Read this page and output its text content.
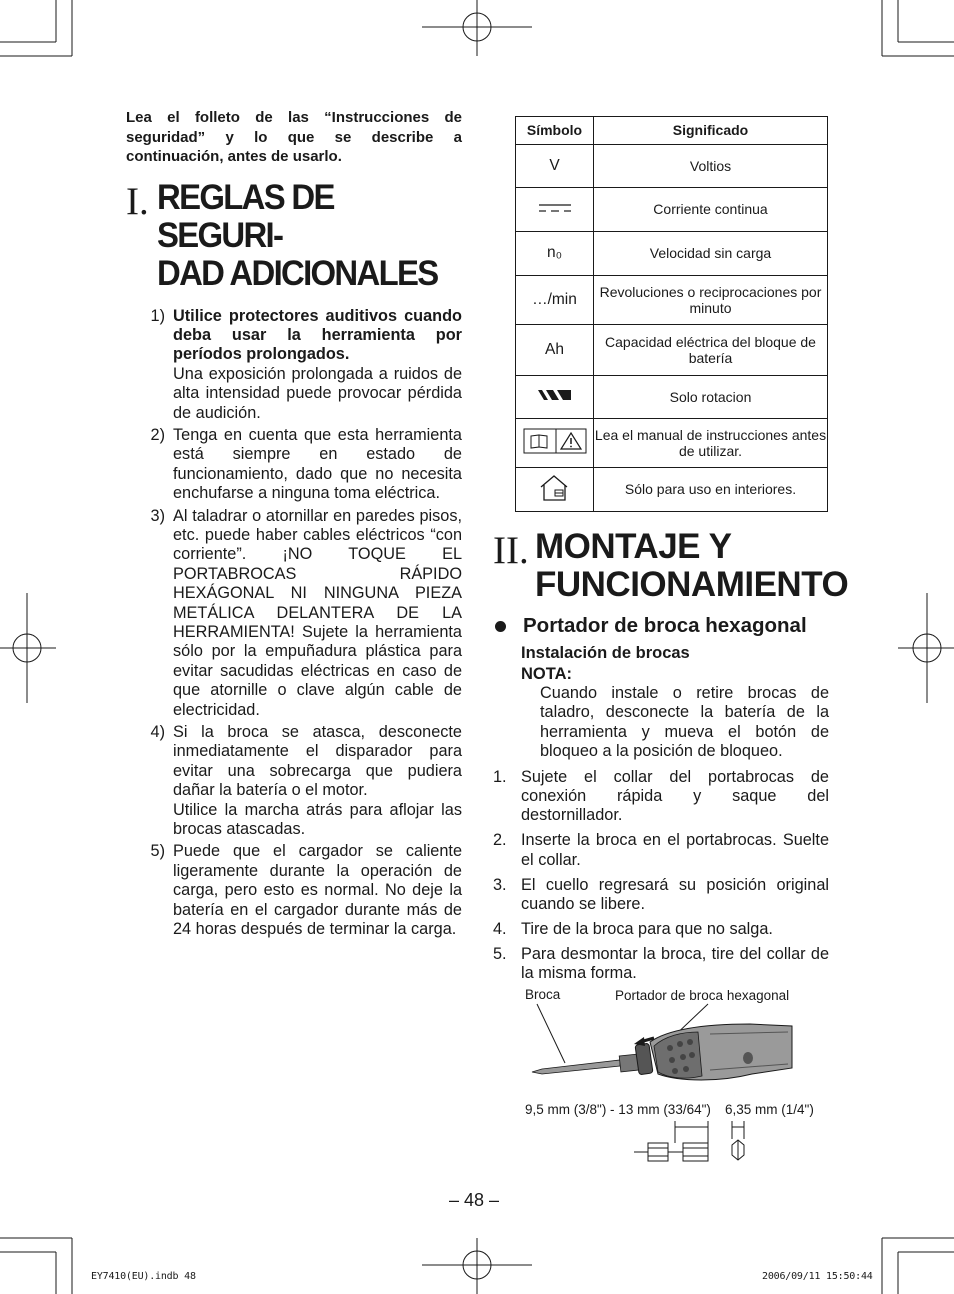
Lea el folleto de las “Instrucciones de seguridad” y lo que se describe a continuación, antes de usarlo.

I. REGLAS DE SEGURI-
DAD ADICIONALES
1) Utilice protectores auditivos cuando deba usar la herramienta por períodos prolongados.
Una exposición prolongada a ruidos de alta intensidad puede provocar pérdida de audición.
2) Tenga en cuenta que esta herramienta está siempre en estado de funcionamiento, dado que no necesita enchufarse a ninguna toma eléctrica.
3) Al taladrar o atornillar en paredes pisos, etc. puede haber cables eléctricos “con corriente”. ¡NO TOQUE EL PORTABROCAS RÁPIDO HEXÁGONAL NI NINGUNA PIEZA METÁLICA DELANTERA DE LA HERRAMIENTA! Sujete la herramienta sólo por la empuñadura plástica para evitar sacudidas eléctricas en caso de que atornille o clave algún cable de electricidad.
4) Si la broca se atasca, desconecte inmediatamente el disparador para evitar una sobrecarga que pudiera dañar la batería o el motor.
Utilice la marcha atrás para aflojar las brocas atascadas.
5) Puede que el cargador se caliente ligeramente durante la operación de carga, pero esto es normal. No deje la batería en el cargador durante más de 24 horas después de terminar la carga.
Símbolo	Significado
V	Voltios
	Corriente continua
n₀	Velocidad sin carga
…/min	Revoluciones o reciprocaciones por minuto
Ah	Capacidad eléctrica del bloque de batería
	Solo rotacion
	Lea el manual de instrucciones antes de utilizar.
	Sólo para uso en interiores.
II. MONTAJE Y
FUNCIONAMIENTO
Portador de broca hexagonal
Instalación de brocas
NOTA:

Cuando instale o retire brocas de taladro, desconecte la batería de la herramienta y mueva el botón de bloqueo a la posición de bloqueo.

1. Sujete el collar del portabrocas de conexión rápida y saque del destornillador.
2. Inserte la broca en el portabrocas. Suelte el collar.
3. El cuello regresará su posición original cuando se libere.
4. Tire de la broca para que no salga.
5. Para desmontar la broca, tire del collar de la misma forma.
Broca	Portador de broca hexagonal
9,5 mm (3/8") - 13 mm (33/64") 6,35 mm (1/4")
– 48 –
EY7410(EU).indb 48	2006/09/11 15:50:44
